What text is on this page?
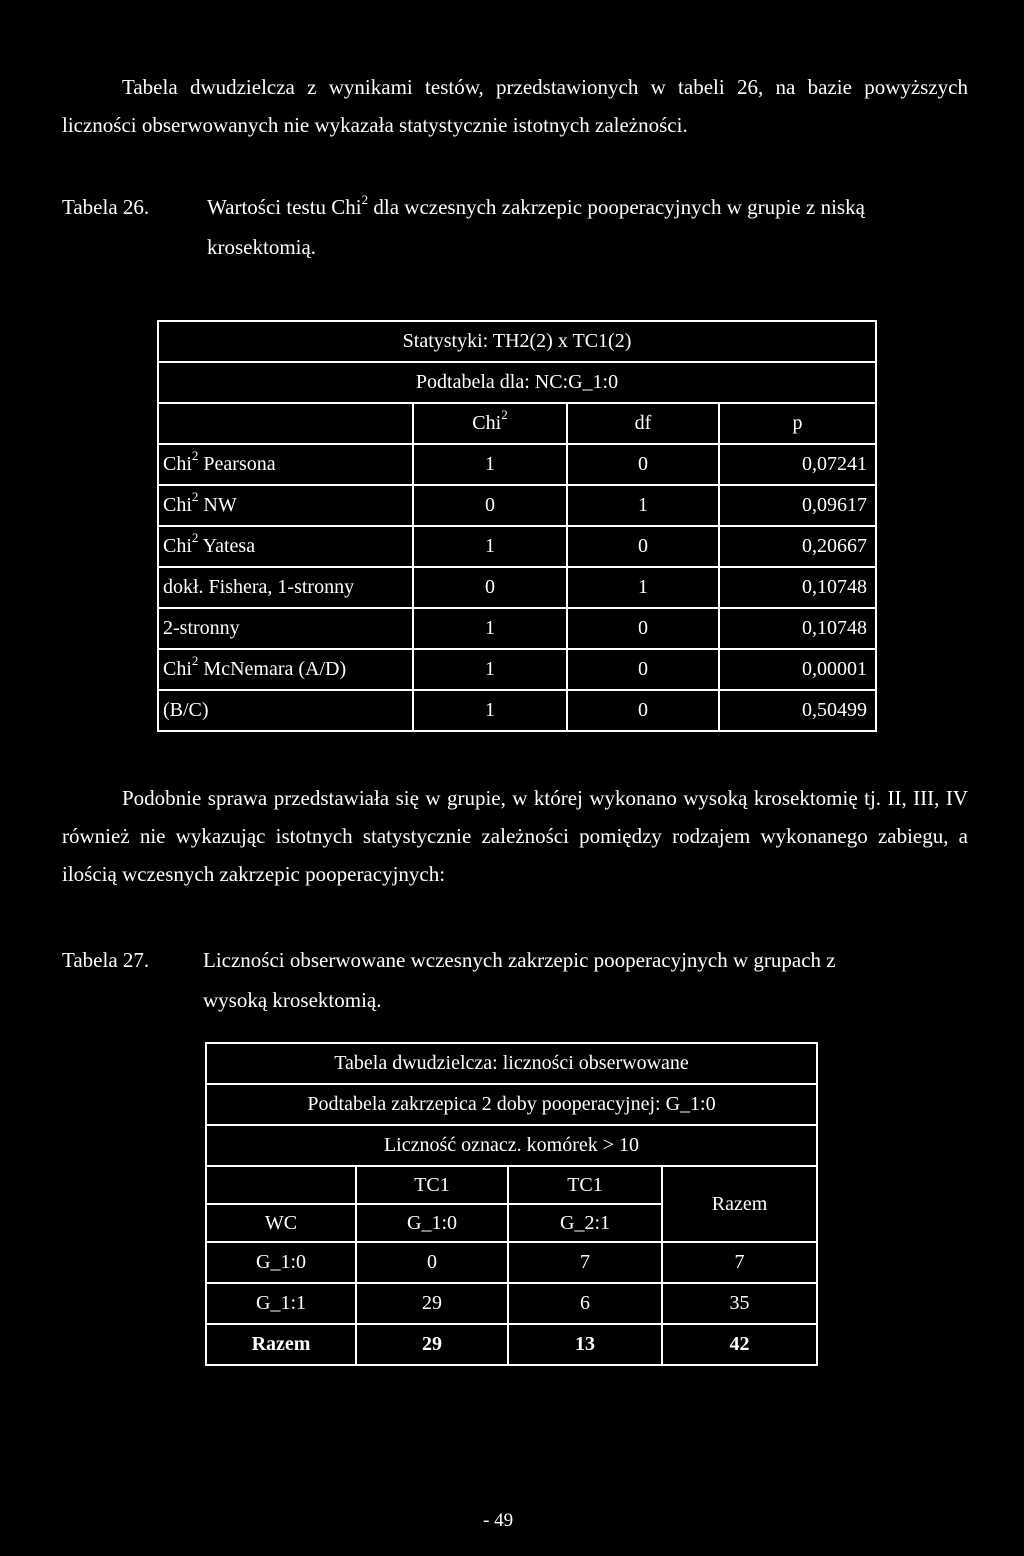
Tabela dwudzielcza z wynikami testów, przedstawionych w tabeli 26, na bazie powyższych liczności obserwowanych nie wykazała statystycznie istotnych zależności.
Tabela 26.	Wartości testu Chi$^2$ dla wczesnych zakrzepic pooperacyjnych w grupie z niską
krosektomią.
Statystyki: TH2(2) x TC1(2)			
Podtabela dla: NC:G_1:0			
	Chi$^2$	df	p
Chi$^2$ Pearsona	1	0	0,07241
Chi$^2$ NW	0	1	0,09617
Chi$^2$ Yatesa	1	0	0,20667
dokł. Fishera, 1-stronny	0	1	0,10748
2-stronny	1	0	0,10748
Chi$^2$ McNemara (A/D)	1	0	0,00001
(B/C)	1	0	0,50499
Podobnie sprawa przedstawiała się w grupie, w której wykonano wysoką krosektomię tj. II, III, IV również nie wykazując istotnych statystycznie zależności pomiędzy rodzajem wykonanego zabiegu, a ilością wczesnych zakrzepic pooperacyjnych:
Tabela 27.	Liczności obserwowane wczesnych zakrzepic pooperacyjnych w grupach z
wysoką krosektomią.
Tabela dwudzielcza: liczności obserwowane			
Podtabela zakrzepica 2 doby pooperacyjnej: G_1:0			
Liczność oznacz. komórek > 10			
	TC1	TC1	Razem
WC	G_1:0	G_2:1	
G_1:0	0	7	7
G_1:1	29	6	35
Razem	29	13	42
- 49
